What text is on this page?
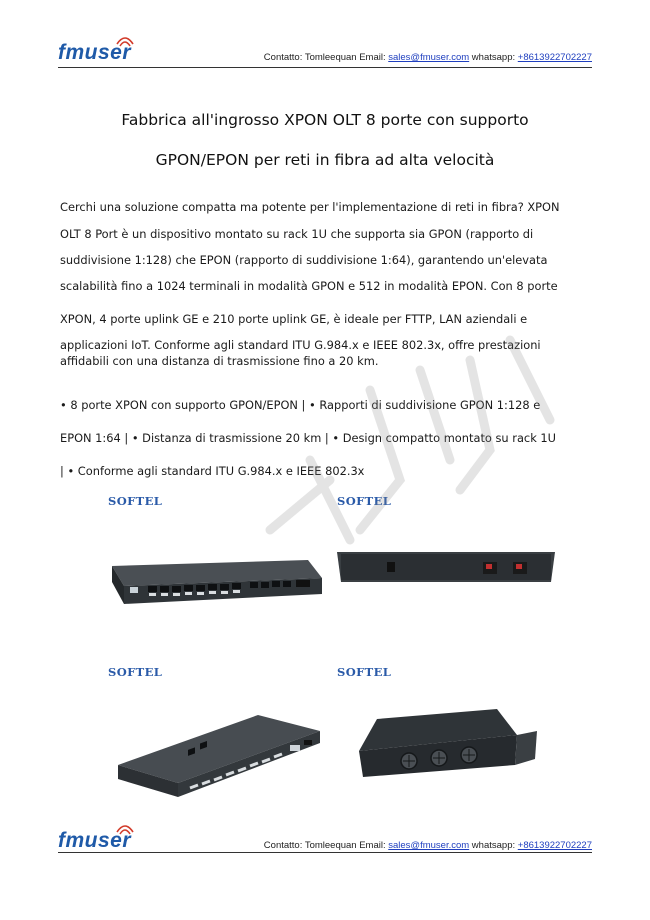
fmuser	Contatto: Tomleequan Email: sales@fmuser.com whatsapp: +8613922702227
Fabbrica all'ingrosso XPON OLT 8 porte con supporto
GPON/EPON per reti in fibra ad alta velocità
Cerchi una soluzione compatta ma potente per l'implementazione di reti in fibra? XPON
OLT 8 Port è un dispositivo montato su rack 1U che supporta sia GPON (rapporto di
suddivisione 1:128) che EPON (rapporto di suddivisione 1:64), garantendo un'elevata
scalabilità fino a 1024 terminali in modalità GPON e 512 in modalità EPON. Con 8 porte
XPON, 4 porte uplink GE e 210 porte uplink GE, è ideale per FTTP, LAN aziendali e
applicazioni IoT. Conforme agli standard ITU G.984.x e IEEE 802.3x, offre prestazioni
affidabili con una distanza di trasmissione fino a 20 km.
• 8 porte XPON con supporto GPON/EPON | • Rapporti di suddivisione GPON 1:128 e
EPON 1:64 | • Distanza di trasmissione 20 km | • Design compatto montato su rack 1U
| • Conforme agli standard ITU G.984.x e IEEE 802.3x
SOFTEL	SOFTEL
SOFTEL	SOFTEL
fmuser	Contatto: Tomleequan Email: sales@fmuser.com whatsapp: +8613922702227
